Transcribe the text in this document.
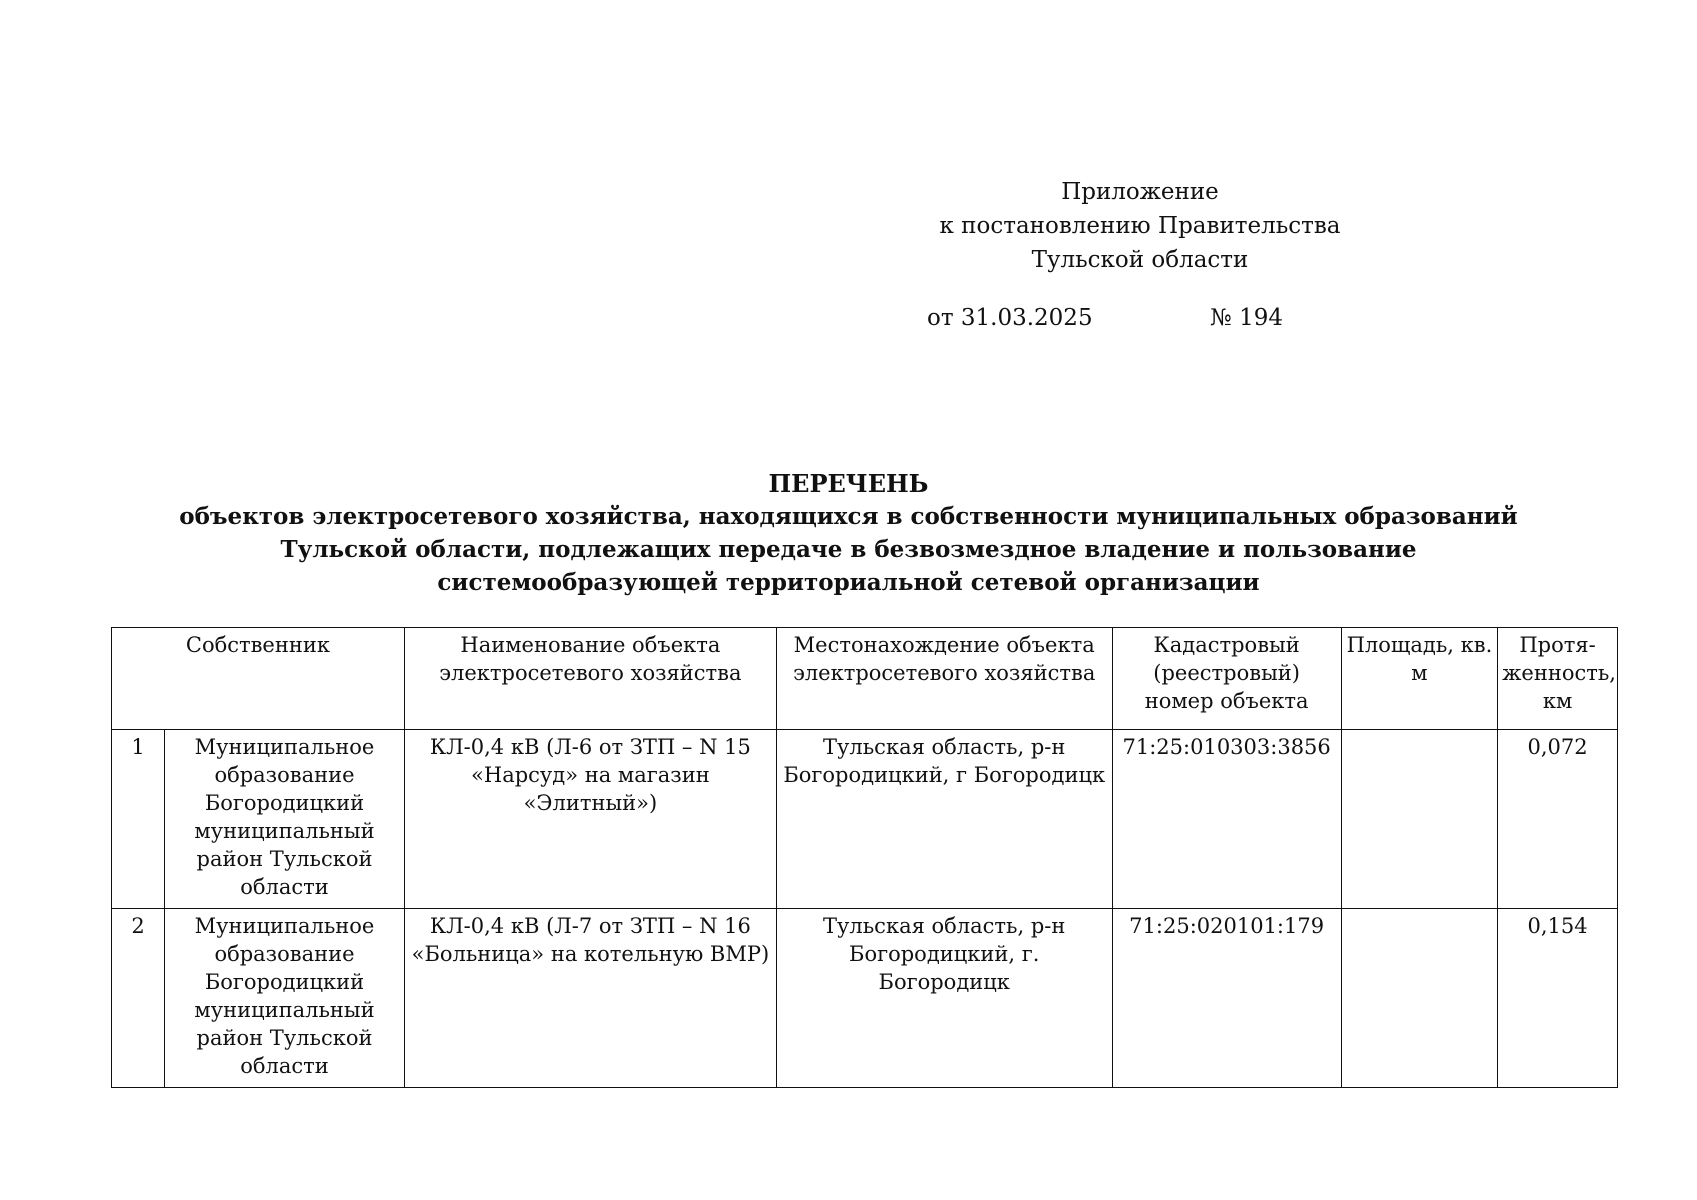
Приложение
к постановлению Правительства
Тульской области
от 31.03.2025	№ 194
ПЕРЕЧЕНЬ
объектов электросетевого хозяйства, находящихся в собственности муниципальных образований
Тульской области, подлежащих передаче в безвозмездное владение и пользование
системообразующей территориальной сетевой организации
Собственник		Наименование объекта электросетевого хозяйства	Местонахождение объекта электросетевого хозяйства	Кадастровый (реестровый) номер объекта	Площадь, кв. м	Протя-женность, км
1	Муниципальное образование Богородицкий муниципальный район Тульской области	КЛ-0,4 кВ (Л-6 от ЗТП – N 15 «Нарсуд» на магазин «Элитный»)	Тульская область, р-н Богородицкий, г Богородицк	71:25:010303:3856		0,072
2	Муниципальное образование Богородицкий муниципальный район Тульской области	КЛ-0,4 кВ (Л-7 от ЗТП – N 16 «Больница» на котельную ВМР)	Тульская область, р-н Богородицкий, г. Богородицк	71:25:020101:179		0,154
